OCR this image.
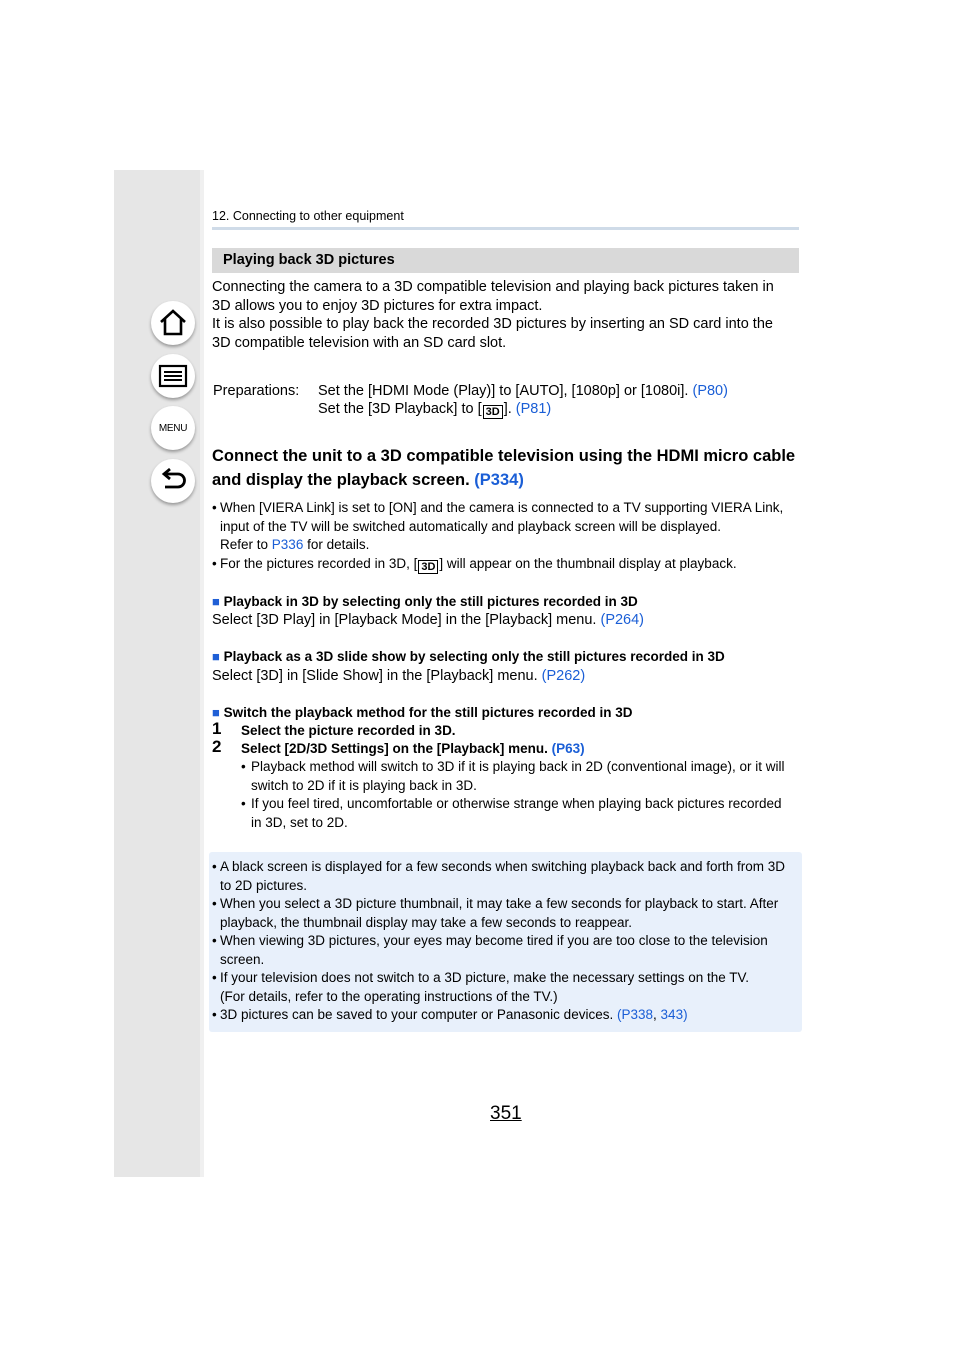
MENU
12. Connecting to other equipment
Playing back 3D pictures
Connecting the camera to a 3D compatible television and playing back pictures taken in
3D allows you to enjoy 3D pictures for extra impact.
It is also possible to play back the recorded 3D pictures by inserting an SD card into the
3D compatible television with an SD card slot.
Preparations: Set the [HDMI Mode (Play)] to [AUTO], [1080p] or [1080i]. (P80)
Set the [3D Playback] to [ 3D ]. (P81)
Connect the unit to a 3D compatible television using the HDMI micro cable
and display the playback screen. (P334)
• When [VIERA Link] is set to [ON] and the camera is connected to a TV supporting VIERA Link,
input of the TV will be switched automatically and playback screen will be displayed.
Refer to P336 for details.
• For the pictures recorded in 3D, [ 3D ] will appear on the thumbnail display at playback.
■ Playback in 3D by selecting only the still pictures recorded in 3D
Select [3D Play] in [Playback Mode] in the [Playback] menu. (P264)
■ Playback as a 3D slide show by selecting only the still pictures recorded in 3D
Select [3D] in [Slide Show] in the [Playback] menu. (P262)
■ Switch the playback method for the still pictures recorded in 3D
1 Select the picture recorded in 3D.
2 Select [2D/3D Settings] on the [Playback] menu. (P63)
• Playback method will switch to 3D if it is playing back in 2D (conventional image), or it will
switch to 2D if it is playing back in 3D.
• If you feel tired, uncomfortable or otherwise strange when playing back pictures recorded
in 3D, set to 2D.
• A black screen is displayed for a few seconds when switching playback back and forth from 3D
to 2D pictures.
• When you select a 3D picture thumbnail, it may take a few seconds for playback to start. After
playback, the thumbnail display may take a few seconds to reappear.
• When viewing 3D pictures, your eyes may become tired if you are too close to the television
screen.
• If your television does not switch to a 3D picture, make the necessary settings on the TV.
(For details, refer to the operating instructions of the TV.)
• 3D pictures can be saved to your computer or Panasonic devices. (P338, 343)
351
